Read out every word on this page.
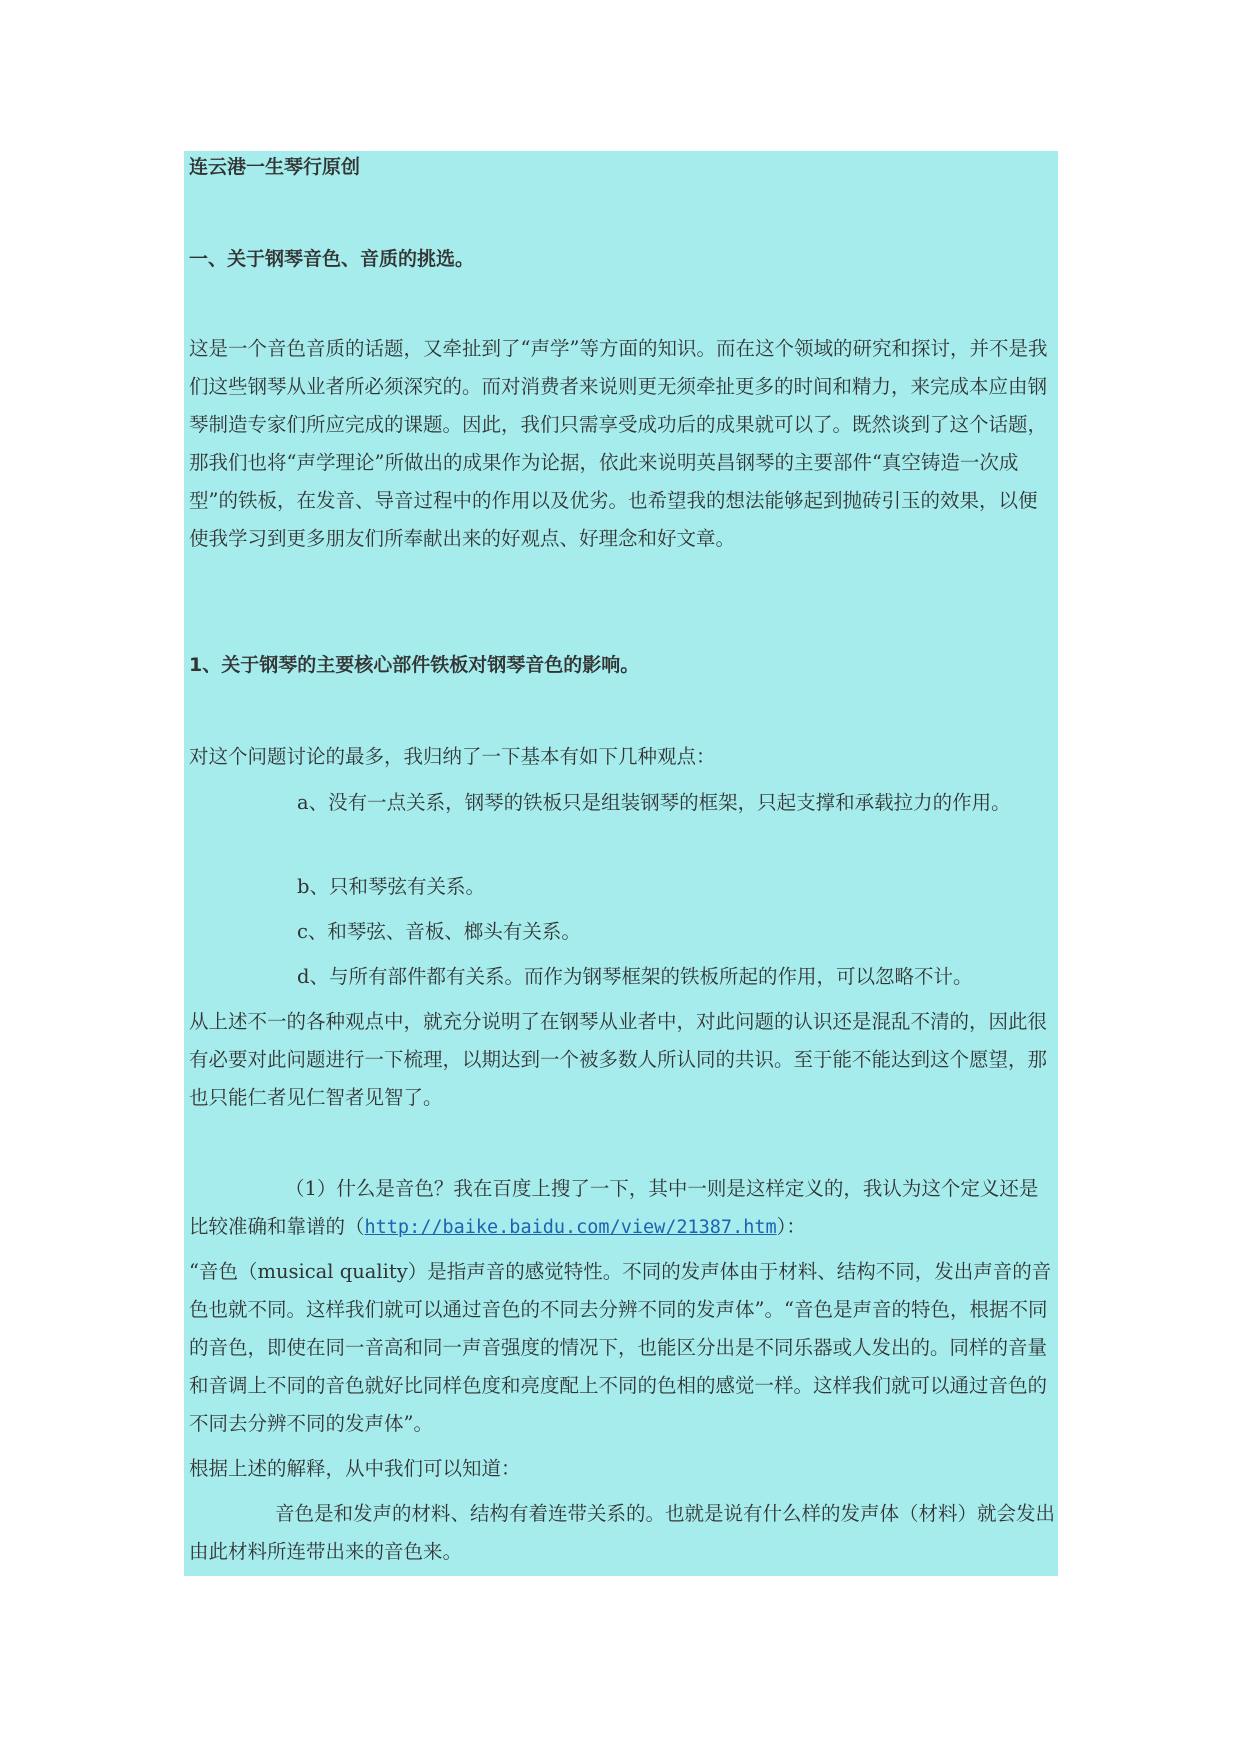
连云港一生琴行原创

一、关于钢琴音色、音质的挑选。

这是一个音色音质的话题，又牵扯到了“声学”等方面的知识。而在这个领域的研究和探讨，并不是我们这些钢琴从业者所必须深究的。而对消费者来说则更无须牵扯更多的时间和精力，来完成本应由钢琴制造专家们所应完成的课题。因此，我们只需享受成功后的成果就可以了。既然谈到了这个话题，那我们也将“声学理论”所做出的成果作为论据，依此来说明英昌钢琴的主要部件“真空铸造一次成型”的铁板，在发音、导音过程中的作用以及优劣。也希望我的想法能够起到抛砖引玉的效果，以便使我学习到更多朋友们所奉献出来的好观点、好理念和好文章。

1、关于钢琴的主要核心部件铁板对钢琴音色的影响。

对这个问题讨论的最多，我归纳了一下基本有如下几种观点：

a、没有一点关系，钢琴的铁板只是组装钢琴的框架，只起支撑和承载拉力的作用。

b、只和琴弦有关系。

c、和琴弦、音板、榔头有关系。

d、与所有部件都有关系。而作为钢琴框架的铁板所起的作用，可以忽略不计。

从上述不一的各种观点中，就充分说明了在钢琴从业者中，对此问题的认识还是混乱不清的，因此很有必要对此问题进行一下梳理，以期达到一个被多数人所认同的共识。至于能不能达到这个愿望，那也只能仁者见仁智者见智了。

（1）什么是音色？我在百度上搜了一下，其中一则是这样定义的，我认为这个定义还是比较准确和靠谱的（http://baike.baidu.com/view/21387.htm）：

“音色（musical quality）是指声音的感觉特性。不同的发声体由于材料、结构不同，发出声音的音色也就不同。这样我们就可以通过音色的不同去分辨不同的发声体”。“音色是声音的特色，根据不同的音色，即使在同一音高和同一声音强度的情况下，也能区分出是不同乐器或人发出的。同样的音量和音调上不同的音色就好比同样色度和亮度配上不同的色相的感觉一样。这样我们就可以通过音色的不同去分辨不同的发声体”。

根据上述的解释，从中我们可以知道：

音色是和发声的材料、结构有着连带关系的。也就是说有什么样的发声体（材料）就会发出由此材料所连带出来的音色来。
